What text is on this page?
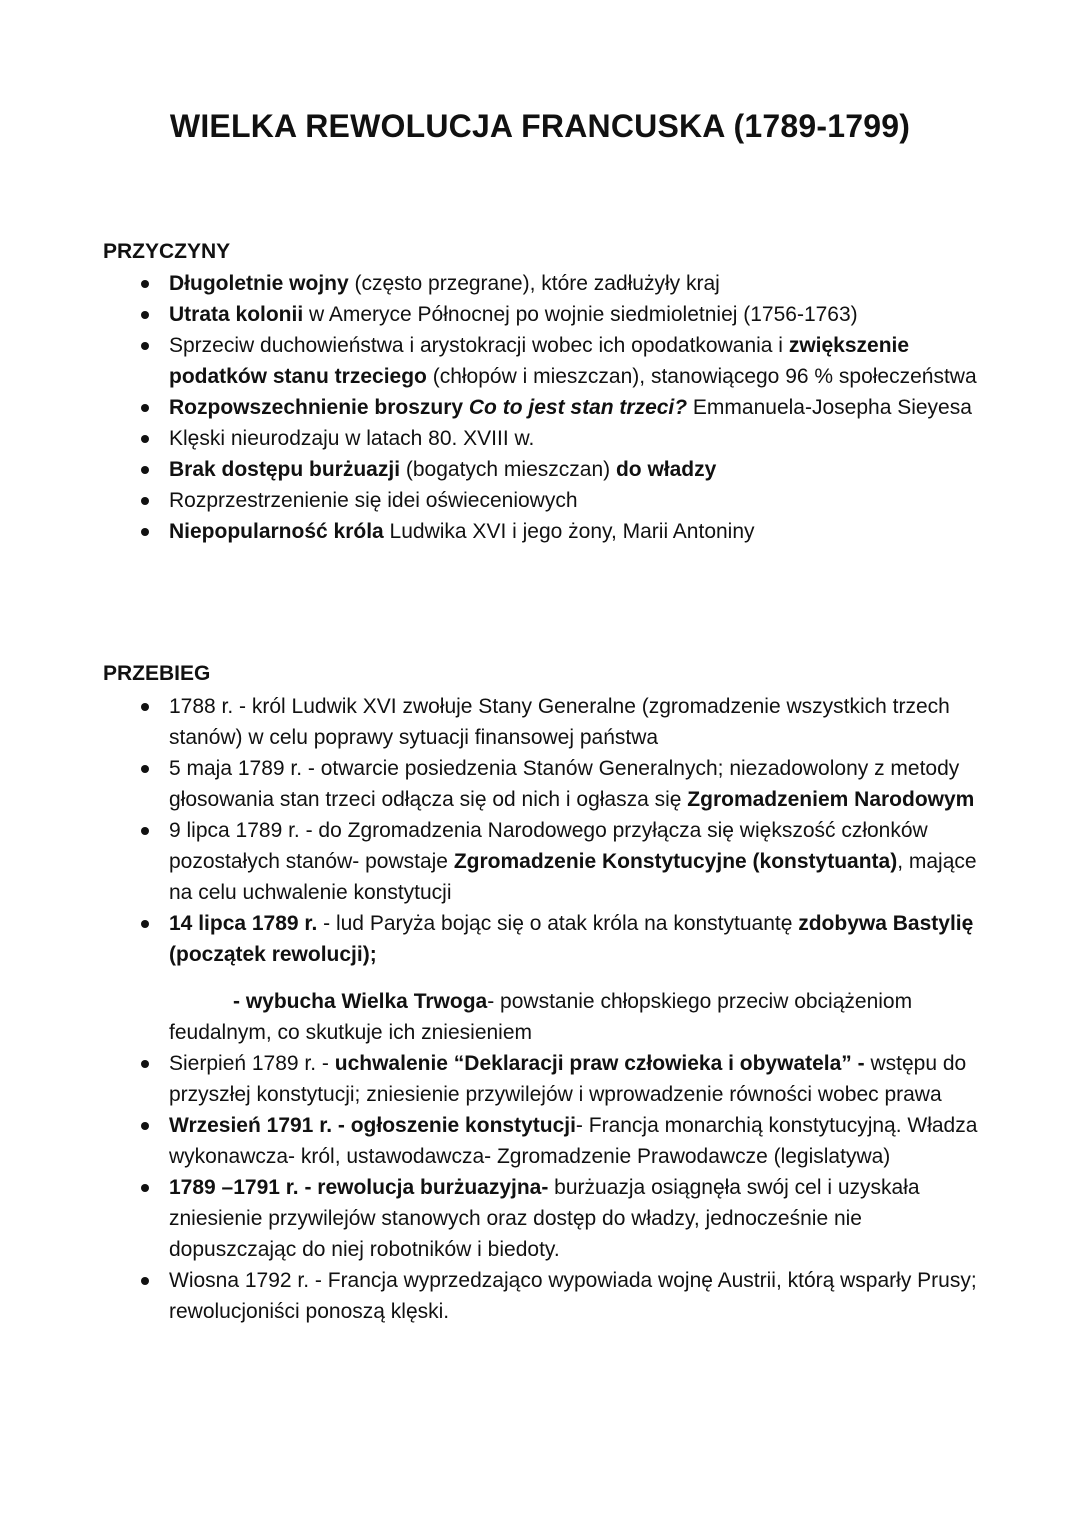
WIELKA REWOLUCJA FRANCUSKA (1789-1799)
PRZYCZYNY
Długoletnie wojny (często przegrane), które zadłużyły kraj
Utrata kolonii w Ameryce Północnej po wojnie siedmioletniej (1756-1763)
Sprzeciw duchowieństwa i arystokracji wobec ich opodatkowania i zwiększenie podatków stanu trzeciego (chłopów i mieszczan), stanowiącego 96 % społeczeństwa
Rozpowszechnienie broszury Co to jest stan trzeci? Emmanuela-Josepha Sieyesa
Klęski nieurodzaju w latach 80. XVIII w.
Brak dostępu burżuazji (bogatych mieszczan) do władzy
Rozprzestrzenienie się idei oświeceniowych
Niepopularność króla Ludwika XVI i jego żony, Marii Antoniny
PRZEBIEG
1788 r. - król Ludwik XVI zwołuje Stany Generalne (zgromadzenie wszystkich trzech stanów) w celu poprawy sytuacji finansowej państwa
5 maja 1789 r. - otwarcie posiedzenia Stanów Generalnych; niezadowolony z metody głosowania stan trzeci odłącza się od nich i ogłasza się Zgromadzeniem Narodowym
9 lipca 1789 r. - do Zgromadzenia Narodowego przyłącza się większość członków pozostałych stanów- powstaje Zgromadzenie Konstytucyjne (konstytuanta), mające na celu uchwalenie konstytucji
14 lipca 1789 r. - lud Paryża bojąc się o atak króla na konstytuantę zdobywa Bastylię (początek rewolucji);
- wybucha Wielka Trwoga- powstanie chłopskiego przeciw obciążeniom feudalnym, co skutkuje ich zniesieniem
Sierpień 1789 r. - uchwalenie “Deklaracji praw człowieka i obywatela” - wstępu do przyszłej konstytucji; zniesienie przywilejów i wprowadzenie równości wobec prawa
Wrzesień 1791 r. - ogłoszenie konstytucji- Francja monarchią konstytucyjną. Władza wykonawcza- król, ustawodawcza- Zgromadzenie Prawodawcze (legislatywa)
1789 –1791 r. - rewolucja burżuazyjna- burżuazja osiągnęła swój cel i uzyskała zniesienie przywilejów stanowych oraz dostęp do władzy, jednocześnie nie dopuszczając do niej robotników i biedoty.
Wiosna 1792 r. - Francja wyprzedzająco wypowiada wojnę Austrii, którą wsparły Prusy; rewolucjoniści ponoszą klęski.
